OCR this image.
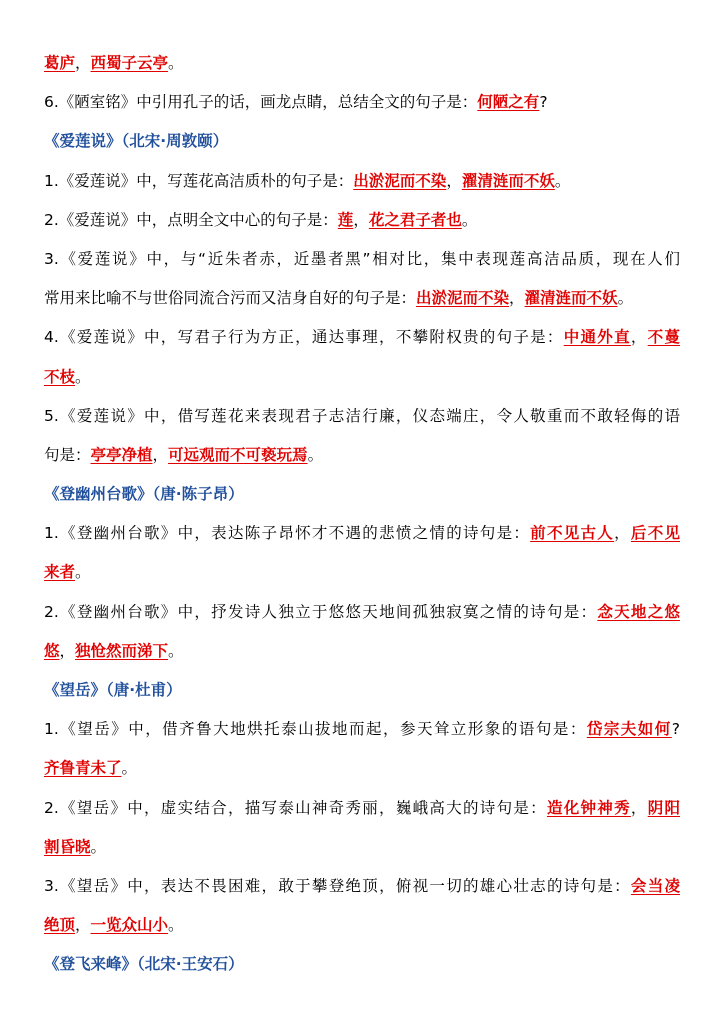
葛庐，西蜀子云亭。
6.《陋室铭》中引用孔子的话，画龙点睛，总结全文的句子是：何陋之有?
《爱莲说》（北宋·周敦颐）
1.《爱莲说》中，写莲花高洁质朴的句子是：出淤泥而不染，濯清涟而不妖。
2.《爱莲说》中，点明全文中心的句子是：莲，花之君子者也。
3.《爱莲说》中，与“近朱者赤，近墨者黑”相对比，集中表现莲高洁品质，现在人们
常用来比喻不与世俗同流合污而又洁身自好的句子是：出淤泥而不染，濯清涟而不妖。
4.《爱莲说》中，写君子行为方正，通达事理，不攀附权贵的句子是：中通外直，不蔓
不枝。
5.《爱莲说》中，借写莲花来表现君子志洁行廉，仪态端庄，令人敬重而不敢轻侮的语
句是：亭亭净植，可远观而不可亵玩焉。
《登幽州台歌》（唐·陈子昂）
1.《登幽州台歌》中，表达陈子昂怀才不遇的悲愤之情的诗句是：前不见古人，后不见
来者。
2.《登幽州台歌》中，抒发诗人独立于悠悠天地间孤独寂寞之情的诗句是：念天地之悠
悠，独怆然而涕下。
《望岳》（唐·杜甫）
1.《望岳》中，借齐鲁大地烘托泰山拔地而起，参天耸立形象的语句是：岱宗夫如何?
齐鲁青未了。
2.《望岳》中，虚实结合，描写泰山神奇秀丽，巍峨高大的诗句是：造化钟神秀，阴阳
割昏晓。
3.《望岳》中，表达不畏困难，敢于攀登绝顶，俯视一切的雄心壮志的诗句是：会当凌
绝顶，一览众山小。
《登飞来峰》（北宋·王安石）
